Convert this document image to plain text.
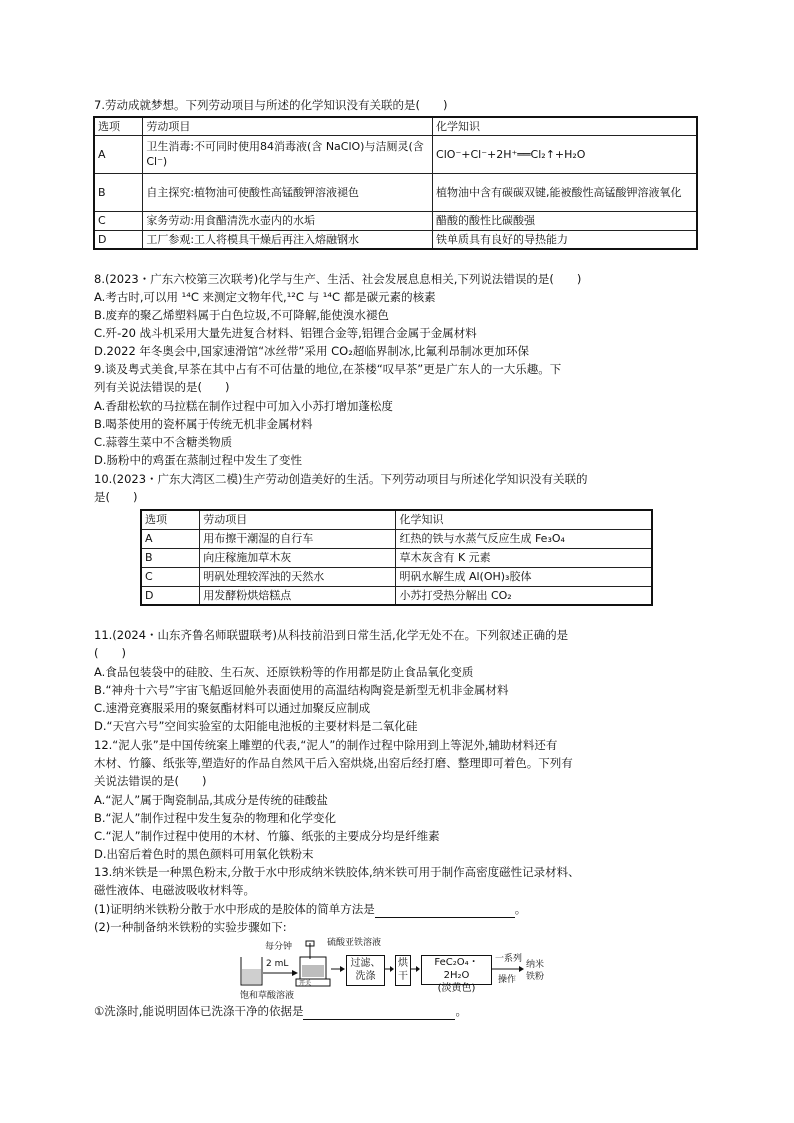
7.劳动成就梦想。下列劳动项目与所述的化学知识没有关联的是(　　)
选项	劳动项目	化学知识
A	卫生消毒:不可同时使用84消毒液(含 NaClO)与洁厕灵(含 Cl⁻)	ClO⁻+Cl⁻+2H⁺══Cl₂↑+H₂O
B	自主探究:植物油可使酸性高锰酸钾溶液褪色	植物油中含有碳碳双键,能被酸性高锰酸钾溶液氧化
C	家务劳动:用食醋清洗水壶内的水垢	醋酸的酸性比碳酸强
D	工厂参观:工人将模具干燥后再注入熔融钢水	铁单质具有良好的导热能力
8.(2023・广东六校第三次联考)化学与生产、生活、社会发展息息相关,下列说法错误的是(　　)
A.考古时,可以用 ¹⁴C 来测定文物年代,¹²C 与 ¹⁴C 都是碳元素的核素
B.废弃的聚乙烯塑料属于白色垃圾,不可降解,能使溴水褪色
C.歼-20 战斗机采用大量先进复合材料、铝锂合金等,铝锂合金属于金属材料
D.2022 年冬奥会中,国家速滑馆“冰丝带”采用 CO₂超临界制冰,比氟利昂制冰更加环保
9.谈及粤式美食,早茶在其中占有不可估量的地位,在茶楼“叹早茶”更是广东人的一大乐趣。下
列有关说法错误的是(　　)
A.香甜松软的马拉糕在制作过程中可加入小苏打增加蓬松度
B.喝茶使用的瓷杯属于传统无机非金属材料
C.蒜蓉生菜中不含糖类物质
D.肠粉中的鸡蛋在蒸制过程中发生了变性
10.(2023・广东大湾区二模)生产劳动创造美好的生活。下列劳动项目与所述化学知识没有关联的
是(　　)
选项	劳动项目	化学知识
A	用布擦干潮湿的自行车	红热的铁与水蒸气反应生成 Fe₃O₄
B	向庄稼施加草木灰	草木灰含有 K 元素
C	明矾处理较浑浊的天然水	明矾水解生成 Al(OH)₃胶体
D	用发酵粉烘焙糕点	小苏打受热分解出 CO₂
11.(2024・山东齐鲁名师联盟联考)从科技前沿到日常生活,化学无处不在。下列叙述正确的是
(　　)
A.食品包装袋中的硅胶、生石灰、还原铁粉等的作用都是防止食品氧化变质
B.“神舟十六号”宇宙飞船返回舱外表面使用的高温结构陶瓷是新型无机非金属材料
C.速滑竞赛服采用的聚氨酯材料可以通过加聚反应制成
D.“天宫六号”空间实验室的太阳能电池板的主要材料是二氧化硅
12.“泥人张”是中国传统案上雕塑的代表,“泥人”的制作过程中除用到上等泥外,辅助材料还有
木材、竹籐、纸张等,塑造好的作品自然风干后入窑烘烧,出窑后经打磨、整理即可着色。下列有
关说法错误的是(　　)
A.“泥人”属于陶瓷制品,其成分是传统的硅酸盐
B.“泥人”制作过程中发生复杂的物理和化学变化
C.“泥人”制作过程中使用的木材、竹籐、纸张的主要成分均是纤维素
D.出窑后着色时的黑色颜料可用氧化铁粉末
13.纳米铁是一种黑色粉末,分散于水中形成纳米铁胶体,纳米铁可用于制作高密度磁性记录材料、
磁性液体、电磁波吸收材料等。
(1)证明纳米铁粉分散于水中形成的是胶体的简单方法是	。
(2)一种制备纳米铁粉的实验步骤如下:
每分钟
2 mL
硫酸亚铁溶液
饱和草酸溶液
开关
过滤、洗涤
烘干
FeC₂O₄・2H₂O
(淡黄色)
一系列
操作
纳米铁粉
①洗涤时,能说明固体已洗涤干净的依据是	。
